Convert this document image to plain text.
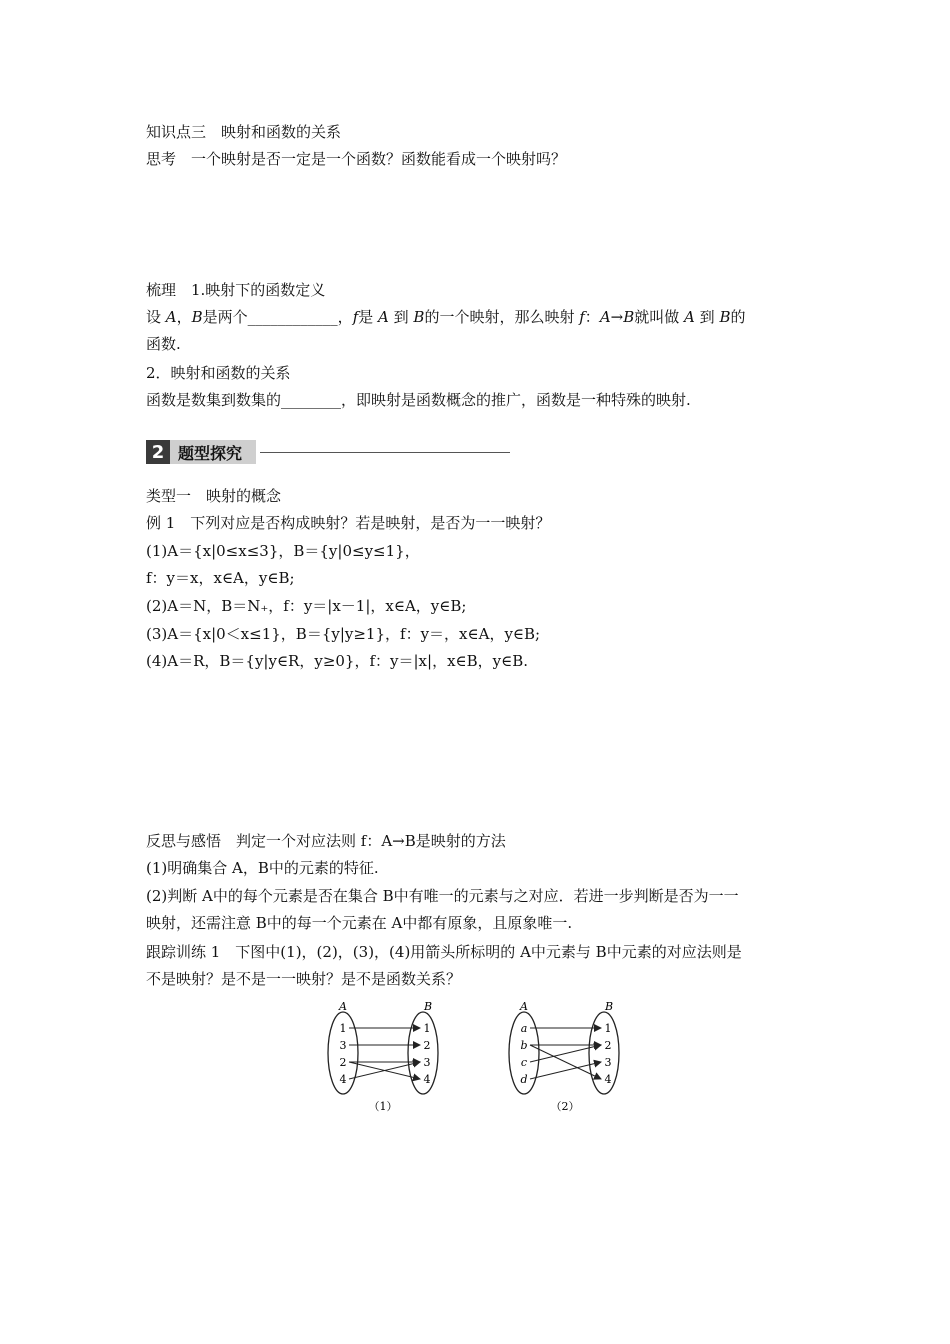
知识点三　映射和函数的关系
思考　一个映射是否一定是一个函数？函数能看成一个映射吗？
梳理　1.映射下的函数定义
设 A，B是两个____________，f是 A 到 B的一个映射，那么映射 f：A→B就叫做 A 到 B的
函数.
2．映射和函数的关系
函数是数集到数集的________，即映射是函数概念的推广，函数是一种特殊的映射.
2 题型探究
类型一　映射的概念
例 1　下列对应是否构成映射？若是映射，是否为一一映射？
(1)A＝{x|0≤x≤3}，B＝{y|0≤y≤1}，
f：y＝x，x∈A，y∈B;
(2)A＝N，B＝N₊，f：y＝|x－1|，x∈A，y∈B;
(3)A＝{x|0＜x≤1}，B＝{y|y≥1}，f：y＝，x∈A，y∈B;
(4)A＝R，B＝{y|y∈R，y≥0}，f：y＝|x|，x∈B，y∈B.
反思与感悟　判定一个对应法则 f：A→B是映射的方法
(1)明确集合 A，B中的元素的特征.
(2)判断 A中的每个元素是否在集合 B中有唯一的元素与之对应．若进一步判断是否为一一
映射，还需注意 B中的每一个元素在 A中都有原象，且原象唯一.
跟踪训练 1　下图中(1)，(2)，(3)，(4)用箭头所标明的 A中元素与 B中元素的对应法则是
不是映射？是不是一一映射？是不是函数关系？
A	B
1
3
2
4
1
2
3
4
（1）
A	B
a
b
c
d
1
2
3
4
（2）
